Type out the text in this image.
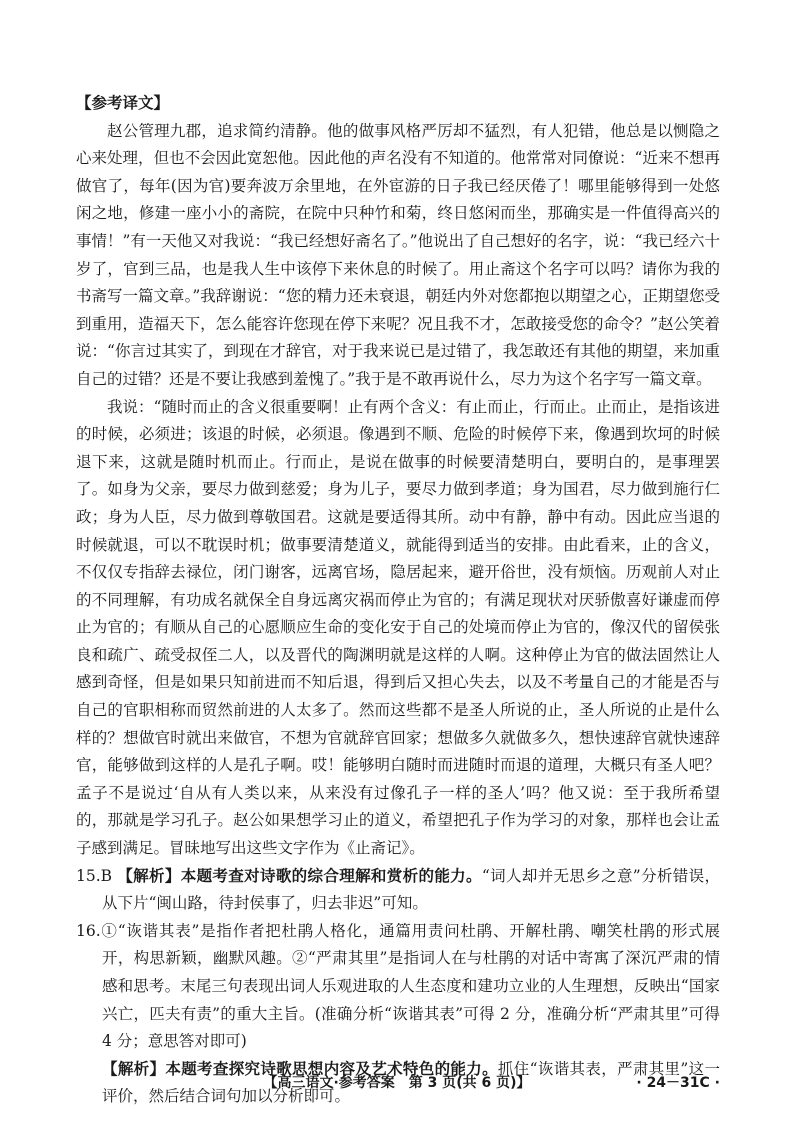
【参考译文】

赵公管理九郡，追求简约清静。他的做事风格严厉却不猛烈，有人犯错，他总是以恻隐之心来处理，但也不会因此宽恕他。因此他的声名没有不知道的。他常常对同僚说：“近来不想再做官了，每年(因为官)要奔波万余里地，在外宦游的日子我已经厌倦了！哪里能够得到一处悠闲之地，修建一座小小的斋院，在院中只种竹和菊，终日悠闲而坐，那确实是一件值得高兴的事情！”有一天他又对我说：“我已经想好斋名了。”他说出了自己想好的名字，说：“我已经六十岁了，官到三品，也是我人生中该停下来休息的时候了。用止斋这个名字可以吗？请你为我的书斋写一篇文章。”我辞谢说：“您的精力还未衰退，朝廷内外对您都抱以期望之心，正期望您受到重用，造福天下，怎么能容许您现在停下来呢？况且我不才，怎敢接受您的命令？”赵公笑着说：“你言过其实了，到现在才辞官，对于我来说已是过错了，我怎敢还有其他的期望，来加重自己的过错？还是不要让我感到羞愧了。”我于是不敢再说什么，尽力为这个名字写一篇文章。

我说：“随时而止的含义很重要啊！止有两个含义：有止而止，行而止。止而止，是指该进的时候，必须进；该退的时候，必须退。像遇到不顺、危险的时候停下来，像遇到坎坷的时候退下来，这就是随时机而止。行而止，是说在做事的时候要清楚明白，要明白的，是事理罢了。如身为父亲，要尽力做到慈爱；身为儿子，要尽力做到孝道；身为国君，尽力做到施行仁政；身为人臣，尽力做到尊敬国君。这就是要适得其所。动中有静，静中有动。因此应当退的时候就退，可以不耽误时机；做事要清楚道义，就能得到适当的安排。由此看来，止的含义，不仅仅专指辞去禄位，闭门谢客，远离官场，隐居起来，避开俗世，没有烦恼。历观前人对止的不同理解，有功成名就保全自身远离灾祸而停止为官的；有满足现状对厌骄傲喜好谦虚而停止为官的；有顺从自己的心愿顺应生命的变化安于自己的处境而停止为官的，像汉代的留侯张良和疏广、疏受叔侄二人，以及晋代的陶渊明就是这样的人啊。这种停止为官的做法固然让人感到奇怪，但是如果只知前进而不知后退，得到后又担心失去，以及不考量自己的才能是否与自己的官职相称而贸然前进的人太多了。然而这些都不是圣人所说的止，圣人所说的止是什么样的？想做官时就出来做官，不想为官就辞官回家；想做多久就做多久，想快速辞官就快速辞官，能够做到这样的人是孔子啊。哎！能够明白随时而进随时而退的道理，大概只有圣人吧？孟子不是说过‘自从有人类以来，从来没有过像孔子一样的圣人’吗？他又说：至于我所希望的，那就是学习孔子。赵公如果想学习止的道义，希望把孔子作为学习的对象，那样也会让孟子感到满足。冒昧地写出这些文字作为《止斋记》。

15.B 【解析】本题考查对诗歌的综合理解和赏析的能力。“词人却并无思乡之意”分析错误，从下片“闽山路，待封侯事了，归去非迟”可知。
16.①“诙谐其表”是指作者把杜鹃人格化，通篇用责问杜鹃、开解杜鹃、嘲笑杜鹃的形式展开，构思新颖，幽默风趣。②“严肃其里”是指词人在与杜鹃的对话中寄寓了深沉严肃的情感和思考。末尾三句表现出词人乐观进取的人生态度和建功立业的人生理想，反映出“国家兴亡，匹夫有责”的重大主旨。(准确分析“诙谐其表”可得 2 分，准确分析“严肃其里”可得 4 分；意思答对即可)
【解析】本题考查探究诗歌思想内容及艺术特色的能力。抓住“诙谐其表，严肃其里”这一评价，然后结合词句加以分析即可。
【高三语文·参考答案　第 3 页(共 6 页)】	· 24－31C ·
